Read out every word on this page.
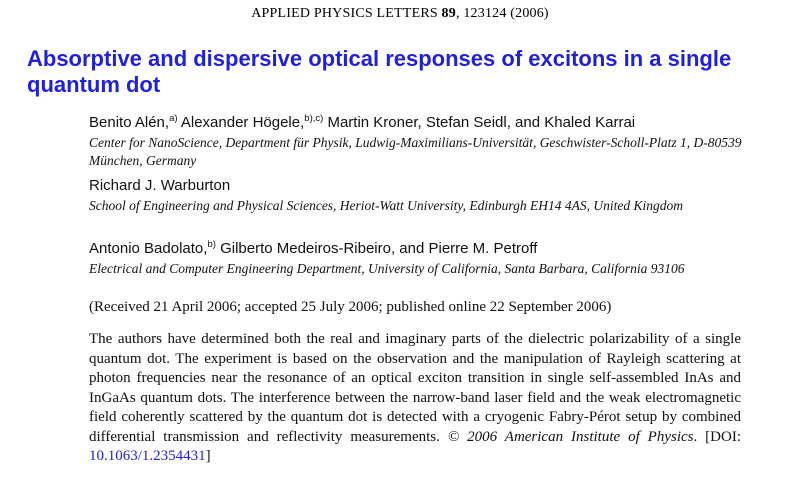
APPLIED PHYSICS LETTERS 89, 123124 (2006)
Absorptive and dispersive optical responses of excitons in a single quantum dot
Benito Alén,$^{a)}$ Alexander Högele,$^{b),c)}$ Martin Kroner, Stefan Seidl, and Khaled Karrai
Center for NanoScience, Department für Physik, Ludwig-Maximilians-Universität, Geschwister-Scholl-Platz 1, D-80539 München, Germany
Richard J. Warburton
School of Engineering and Physical Sciences, Heriot-Watt University, Edinburgh EH14 4AS, United Kingdom
Antonio Badolato,$^{b)}$ Gilberto Medeiros-Ribeiro, and Pierre M. Petroff
Electrical and Computer Engineering Department, University of California, Santa Barbara, California 93106
(Received 21 April 2006; accepted 25 July 2006; published online 22 September 2006)
The authors have determined both the real and imaginary parts of the dielectric polarizability of a single quantum dot. The experiment is based on the observation and the manipulation of Rayleigh scattering at photon frequencies near the resonance of an optical exciton transition in single self-assembled InAs and InGaAs quantum dots. The interference between the narrow-band laser field and the weak electromagnetic field coherently scattered by the quantum dot is detected with a cryogenic Fabry-Pérot setup by combined differential transmission and reflectivity measurements. © 2006 American Institute of Physics. [DOI: 10.1063/1.2354431]
